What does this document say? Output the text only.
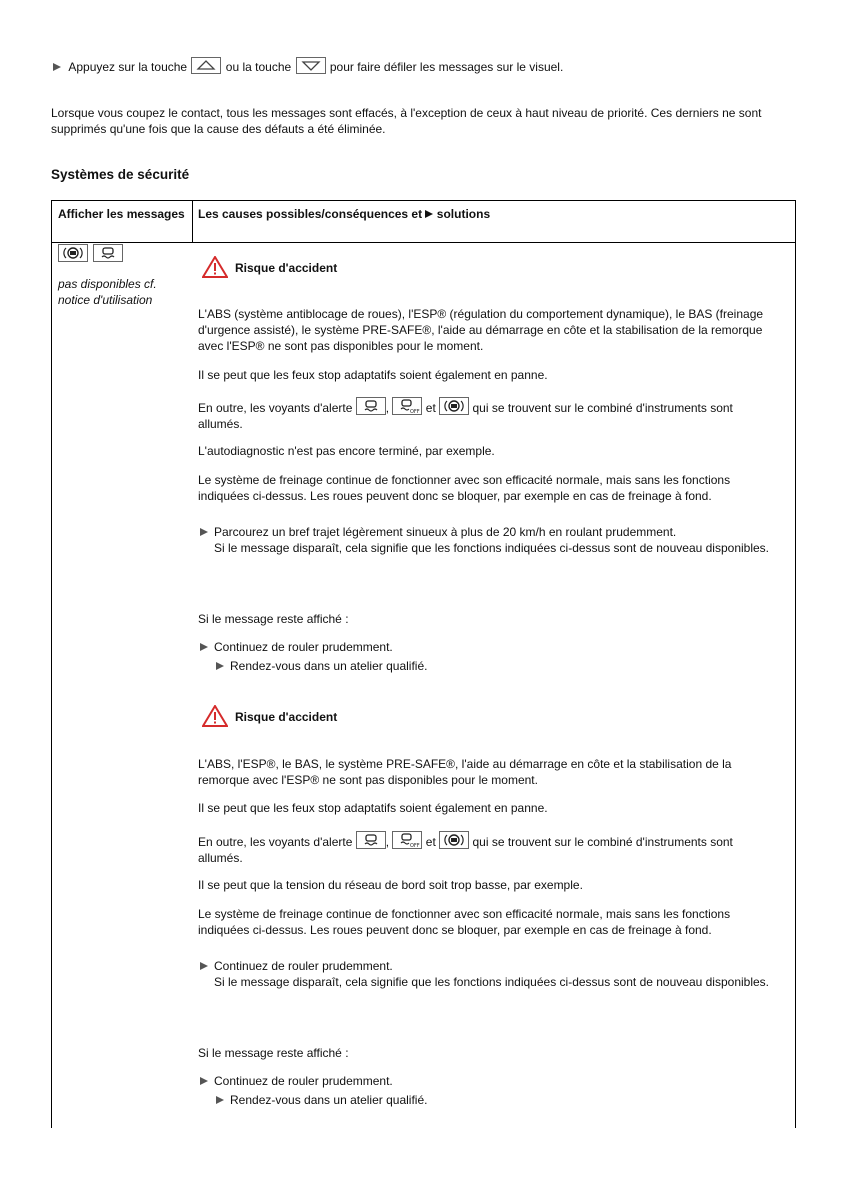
Appuyez sur la touche	ou la touche	pour faire défiler les messages sur le visuel.
Lorsque vous coupez le contact, tous les messages sont effacés, à l'exception de ceux à haut niveau de priorité. Ces derniers ne sont supprimés qu'une fois que la cause des défauts a été éliminée.
Systèmes de sécurité
Afficher les messages Les causes possibles/conséquences et solutions

pas disponibles cf. notice d'utilisation
Risque d'accident
L'ABS (système antiblocage de roues), l'ESP® (régulation du comportement dynamique), le BAS (freinage d'urgence assisté), le système PRE-SAFE®, l'aide au démarrage en côte et la stabilisation de la remorque avec l'ESP® ne sont pas disponibles pour le moment.
Il se peut que les feux stop adaptatifs soient également en panne.
En outre, les voyants d'alerte	,	OFF et	qui se trouvent sur le combiné d'instruments sont
allumés.
L'autodiagnostic n'est pas encore terminé, par exemple.
Le système de freinage continue de fonctionner avec son efficacité normale, mais sans les fonctions indiquées ci-dessus. Les roues peuvent donc se bloquer, par exemple en cas de freinage à fond.
Parcourez un bref trajet légèrement sinueux à plus de 20 km/h en roulant prudemment.
Si le message disparaît, cela signifie que les fonctions indiquées ci-dessus sont de nouveau disponibles.
Si le message reste affiché :
Continuez de rouler prudemment.
Rendez-vous dans un atelier qualifié.
Risque d'accident
L'ABS, l'ESP®, le BAS, le système PRE-SAFE®, l'aide au démarrage en côte et la stabilisation de la remorque avec l'ESP® ne sont pas disponibles pour le moment.
Il se peut que les feux stop adaptatifs soient également en panne.
En outre, les voyants d'alerte	,	OFF et	qui se trouvent sur le combiné d'instruments sont
allumés.
Il se peut que la tension du réseau de bord soit trop basse, par exemple.
Le système de freinage continue de fonctionner avec son efficacité normale, mais sans les fonctions indiquées ci-dessus. Les roues peuvent donc se bloquer, par exemple en cas de freinage à fond.
Continuez de rouler prudemment.
Si le message disparaît, cela signifie que les fonctions indiquées ci-dessus sont de nouveau disponibles.
Si le message reste affiché :
Continuez de rouler prudemment.
Rendez-vous dans un atelier qualifié.
